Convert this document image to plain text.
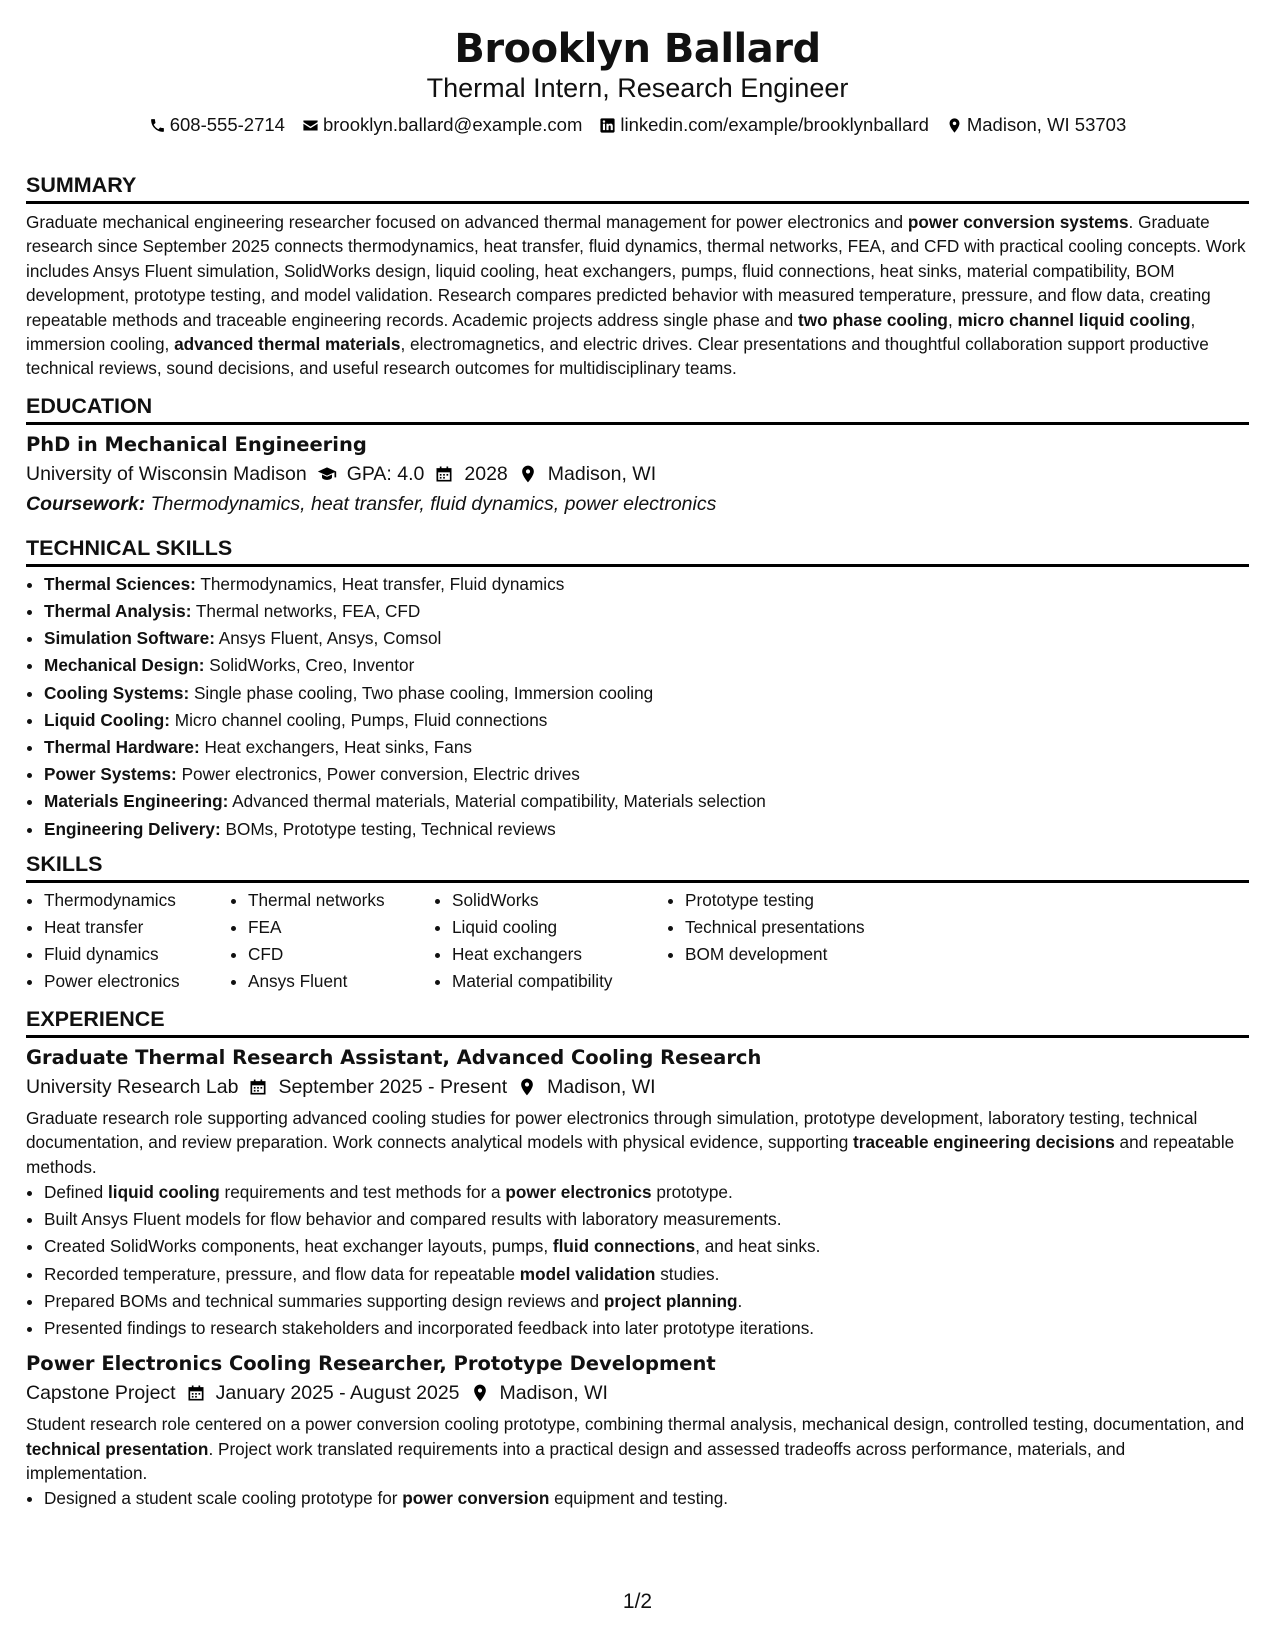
Brooklyn Ballard
Thermal Intern, Research Engineer
608-555-2714 brooklyn.ballard@example.com linkedin.com/example/brooklynballard Madison, WI 53703
SUMMARY
Graduate mechanical engineering researcher focused on advanced thermal management for power electronics and power conversion systems. Graduate research since September 2025 connects thermodynamics, heat transfer, fluid dynamics, thermal networks, FEA, and CFD with practical cooling concepts. Work includes Ansys Fluent simulation, SolidWorks design, liquid cooling, heat exchangers, pumps, fluid connections, heat sinks, material compatibility, BOM development, prototype testing, and model validation. Research compares predicted behavior with measured temperature, pressure, and flow data, creating repeatable methods and traceable engineering records. Academic projects address single phase and two phase cooling, micro channel liquid cooling, immersion cooling, advanced thermal materials, electromagnetics, and electric drives. Clear presentations and thoughtful collaboration support productive technical reviews, sound decisions, and useful research outcomes for multidisciplinary teams.
EDUCATION
PhD in Mechanical Engineering
University of Wisconsin Madison GPA: 4.0 2028 Madison, WI
Coursework: Thermodynamics, heat transfer, fluid dynamics, power electronics
TECHNICAL SKILLS
• Thermal Sciences: Thermodynamics, Heat transfer, Fluid dynamics
• Thermal Analysis: Thermal networks, FEA, CFD
• Simulation Software: Ansys Fluent, Ansys, Comsol
• Mechanical Design: SolidWorks, Creo, Inventor
• Cooling Systems: Single phase cooling, Two phase cooling, Immersion cooling
• Liquid Cooling: Micro channel cooling, Pumps, Fluid connections
• Thermal Hardware: Heat exchangers, Heat sinks, Fans
• Power Systems: Power electronics, Power conversion, Electric drives
• Materials Engineering: Advanced thermal materials, Material compatibility, Materials selection
• Engineering Delivery: BOMs, Prototype testing, Technical reviews
SKILLS
• Thermodynamics
• Heat transfer
• Fluid dynamics
• Power electronics
• Thermal networks
• FEA
• CFD
• Ansys Fluent
• SolidWorks
• Liquid cooling
• Heat exchangers
• Material compatibility
• Prototype testing
• Technical presentations
• BOM development
EXPERIENCE
Graduate Thermal Research Assistant, Advanced Cooling Research
University Research Lab September 2025 - Present Madison, WI
Graduate research role supporting advanced cooling studies for power electronics through simulation, prototype development, laboratory testing, technical documentation, and review preparation. Work connects analytical models with physical evidence, supporting traceable engineering decisions and repeatable methods.
• Defined liquid cooling requirements and test methods for a power electronics prototype.
• Built Ansys Fluent models for flow behavior and compared results with laboratory measurements.
• Created SolidWorks components, heat exchanger layouts, pumps, fluid connections, and heat sinks.
• Recorded temperature, pressure, and flow data for repeatable model validation studies.
• Prepared BOMs and technical summaries supporting design reviews and project planning.
• Presented findings to research stakeholders and incorporated feedback into later prototype iterations.
Power Electronics Cooling Researcher, Prototype Development
Capstone Project January 2025 - August 2025 Madison, WI
Student research role centered on a power conversion cooling prototype, combining thermal analysis, mechanical design, controlled testing, documentation, and technical presentation. Project work translated requirements into a practical design and assessed tradeoffs across performance, materials, and implementation.
• Designed a student scale cooling prototype for power conversion equipment and testing.
1/2
